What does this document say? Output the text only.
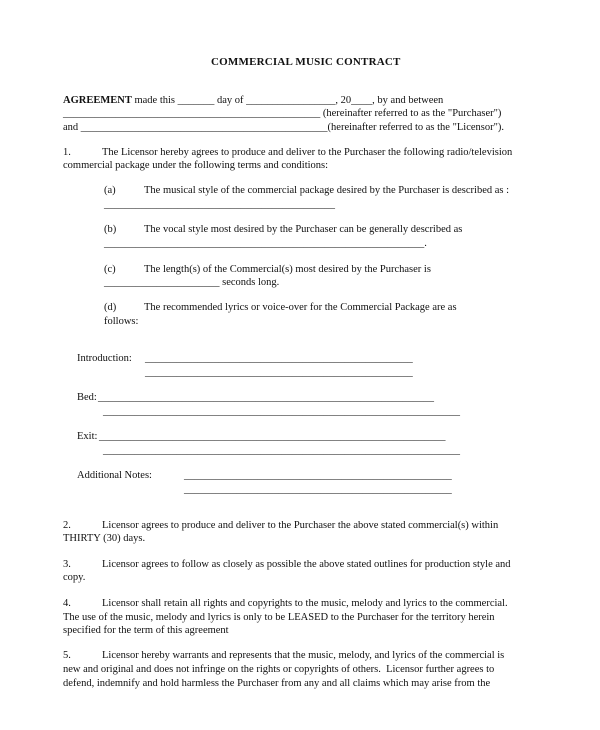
COMMERCIAL MUSIC CONTRACT
AGREEMENT made this _______ day of _________________, 20____, by and between
_________________________________________________ (hereinafter referred to as the "Purchaser")
and _______________________________________________(hereinafter referred to as the "Licensor").
1.	The Licensor hereby agrees to produce and deliver to the Purchaser the following radio/television
commercial package under the following terms and conditions:
(a)	The musical style of the commercial package desired by the Purchaser is described as :
____________________________________________
(b)	The vocal style most desired by the Purchaser can be generally described as
_____________________________________________________________.
(c)	The length(s) of the Commercial(s) most desired by the Purchaser is
______________________ seconds long.
(d)	The recommended lyrics or voice-over for the Commercial Package are as
follows:
Introduction: ___________________________________________________
___________________________________________________
Bed: ________________________________________________________________
____________________________________________________________________
Exit: __________________________________________________________________
____________________________________________________________________
Additional Notes:	___________________________________________________
___________________________________________________
2.	Licensor agrees to produce and deliver to the Purchaser the above stated commercial(s) within
THIRTY (30) days.
3.	Licensor agrees to follow as closely as possible the above stated outlines for production style and
copy.
4.	Licensor shall retain all rights and copyrights to the music, melody and lyrics to the commercial.
The use of the music, melody and lyrics is only to be LEASED to the Purchaser for the territory herein
specified for the term of this agreement
5.	Licensor hereby warrants and represents that the music, melody, and lyrics of the commercial is
new and original and does not infringe on the rights or copyrights of others.  Licensor further agrees to
defend, indemnify and hold harmless the Purchaser from any and all claims which may arise from the
